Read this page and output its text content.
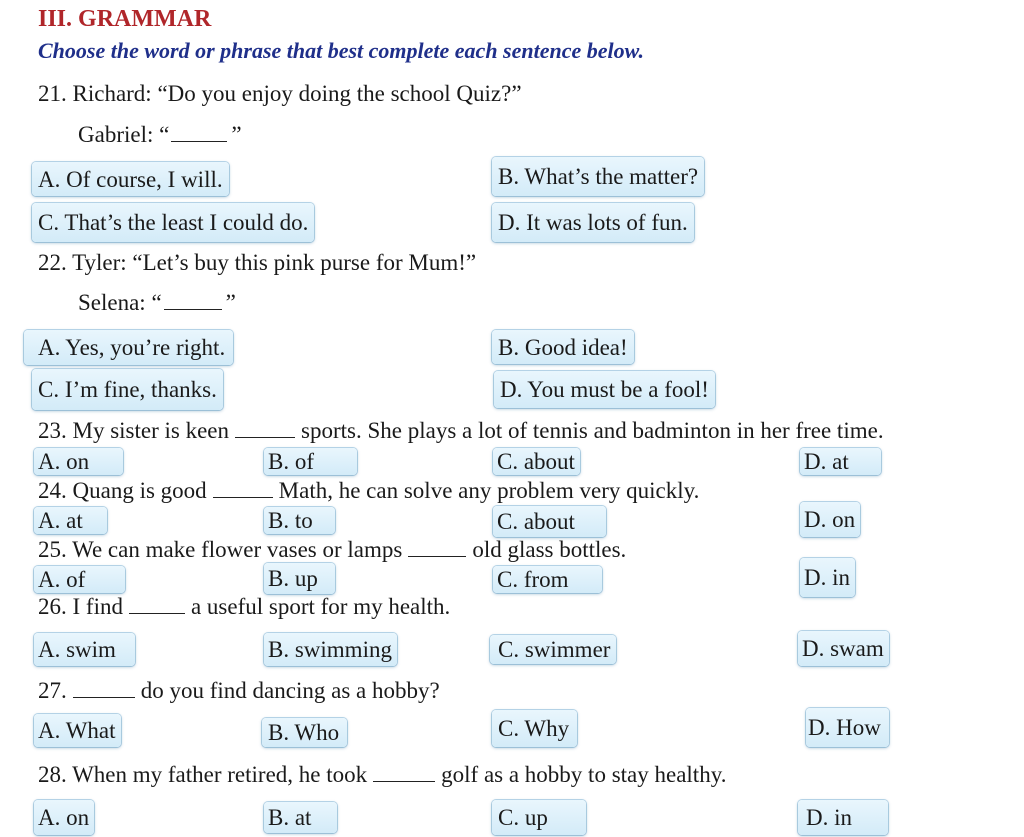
III. GRAMMAR
Choose the word or phrase that best complete each sentence below.
21. Richard: “Do you enjoy doing the school Quiz?”
Gabriel: “	”
A. Of course, I will.	B. What’s the matter?
C. That’s the least I could do.	D. It was lots of fun.
22. Tyler: “Let’s buy this pink purse for Mum!”
Selena: “	”
A. Yes, you’re right.	B. Good idea!
C. I’m fine, thanks.	D. You must be a fool!
23. My sister is keen	sports. She plays a lot of tennis and badminton in her free time.
A. on	B. of	C. about	D. at
24. Quang is good	Math, he can solve any problem very quickly.
A. at	B. to	C. about	D. on
25. We can make flower vases or lamps	old glass bottles.
A. of	B. up	C. from	D. in
26. I find	a useful sport for my health.
A. swim	B. swimming	C. swimmer	D. swam
27.	do you find dancing as a hobby?
A. What	B. Who	C. Why	D. How
28. When my father retired, he took	golf as a hobby to stay healthy.
A. on	B. at	C. up	D. in
